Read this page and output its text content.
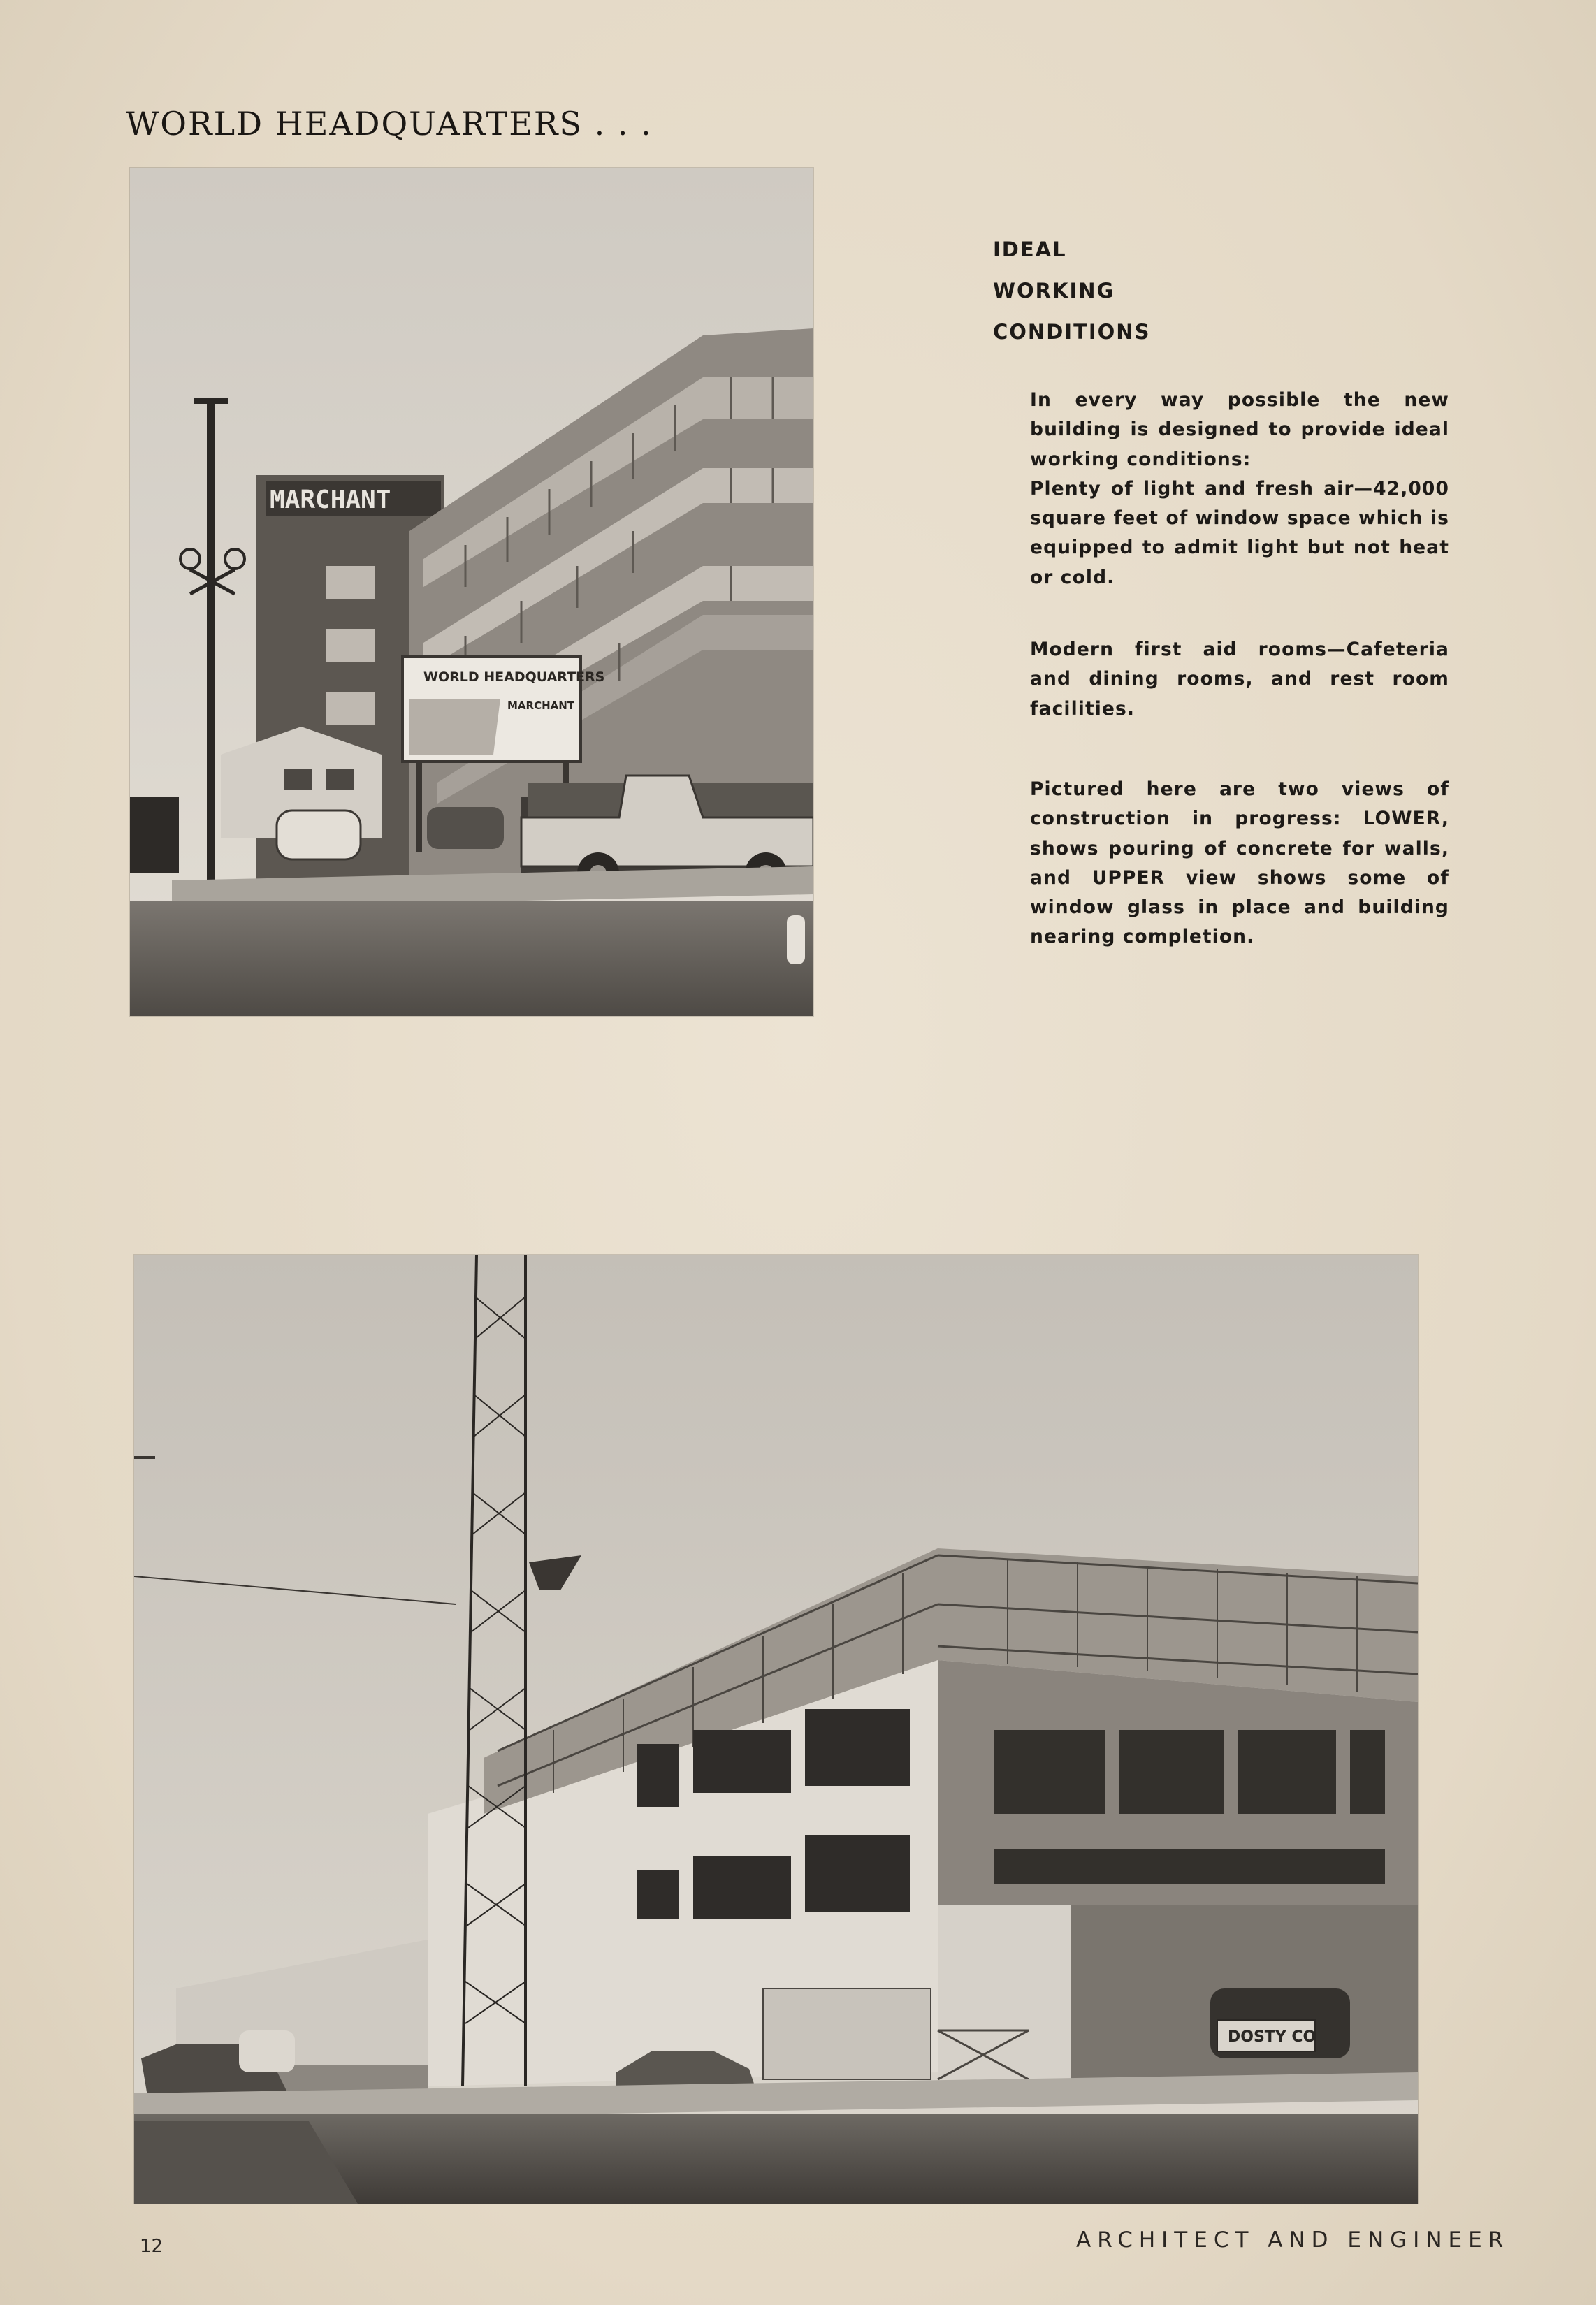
WORLD HEADQUARTERS . . .
MARCHANT
WORLD HEADQUARTERS
MARCHANT
IDEAL
WORKING
CONDITIONS
In every way possible the new building is designed to provide ideal working conditions:
Plenty of light and fresh air—42,000 square feet of window space which is equipped to admit light but not heat or cold.
Modern first aid rooms—Cafeteria and dining rooms, and rest room facilities.
Pictured here are two views of construction in progress: LOWER, shows pouring of concrete for walls, and UPPER view shows some of window glass in place and building nearing completion.
DOSTY CO
12	ARCHITECT AND ENGINEER
